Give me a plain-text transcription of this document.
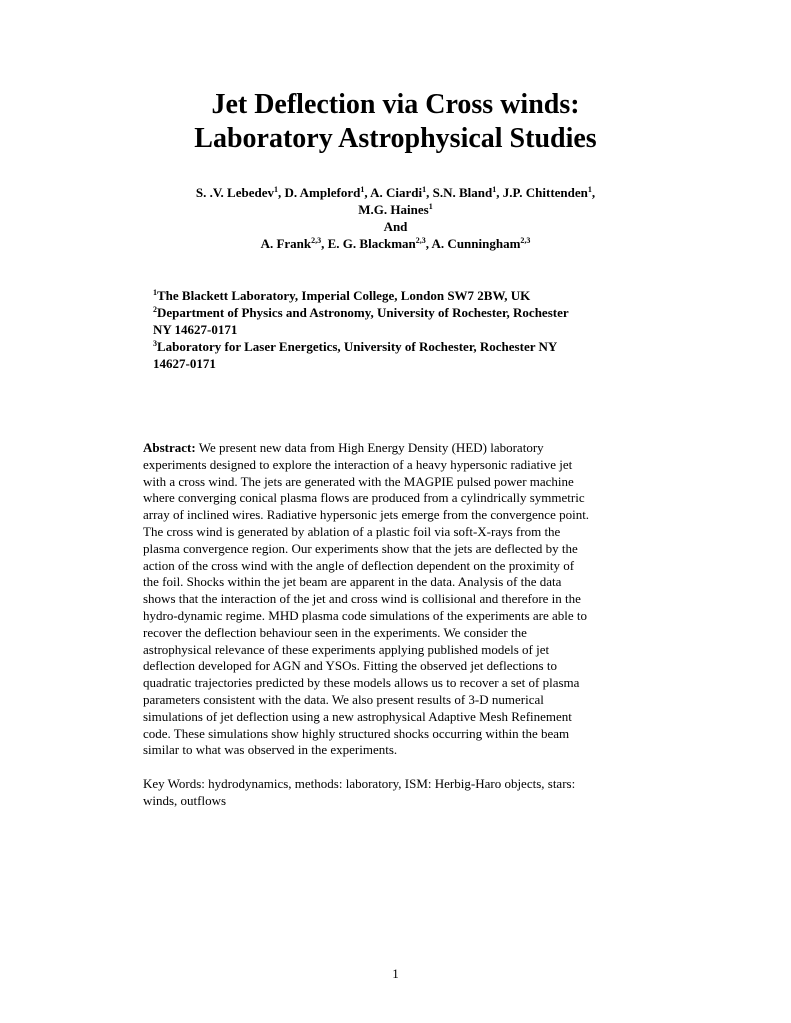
Jet Deflection via Cross winds:
Laboratory Astrophysical Studies
S. .V. Lebedev$^1$, D. Ampleford$^1$, A. Ciardi$^1$, S.N. Bland$^1$, J.P. Chittenden$^1$,
M.G. Haines$^1$
And
A. Frank$^{2,3}$, E. G. Blackman$^{2,3}$, A. Cunningham$^{2,3}$
$^1$The Blackett Laboratory, Imperial College, London SW7 2BW, UK
$^2$Department of Physics and Astronomy, University of Rochester, Rochester
NY 14627-0171
$^3$Laboratory for Laser Energetics, University of Rochester, Rochester NY
14627-0171
Abstract: We present new data from High Energy Density (HED) laboratory
experiments designed to explore the interaction of a heavy hypersonic radiative jet
with a cross wind. The jets are generated with the MAGPIE pulsed power machine
where converging conical plasma flows are produced from a cylindrically symmetric
array of inclined wires. Radiative hypersonic jets emerge from the convergence point.
The cross wind is generated by ablation of a plastic foil via soft-X-rays from the
plasma convergence region. Our experiments show that the jets are deflected by the
action of the cross wind with the angle of deflection dependent on the proximity of
the foil. Shocks within the jet beam are apparent in the data. Analysis of the data
shows that the interaction of the jet and cross wind is collisional and therefore in the
hydro-dynamic regime. MHD plasma code simulations of the experiments are able to
recover the deflection behaviour seen in the experiments. We consider the
astrophysical relevance of these experiments applying published models of jet
deflection developed for AGN and YSOs. Fitting the observed jet deflections to
quadratic trajectories predicted by these models allows us to recover a set of plasma
parameters consistent with the data. We also present results of 3-D numerical
simulations of jet deflection using a new astrophysical Adaptive Mesh Refinement
code. These simulations show highly structured shocks occurring within the beam
similar to what was observed in the experiments.
Key Words: hydrodynamics, methods: laboratory, ISM: Herbig-Haro objects, stars:
winds, outflows
1
